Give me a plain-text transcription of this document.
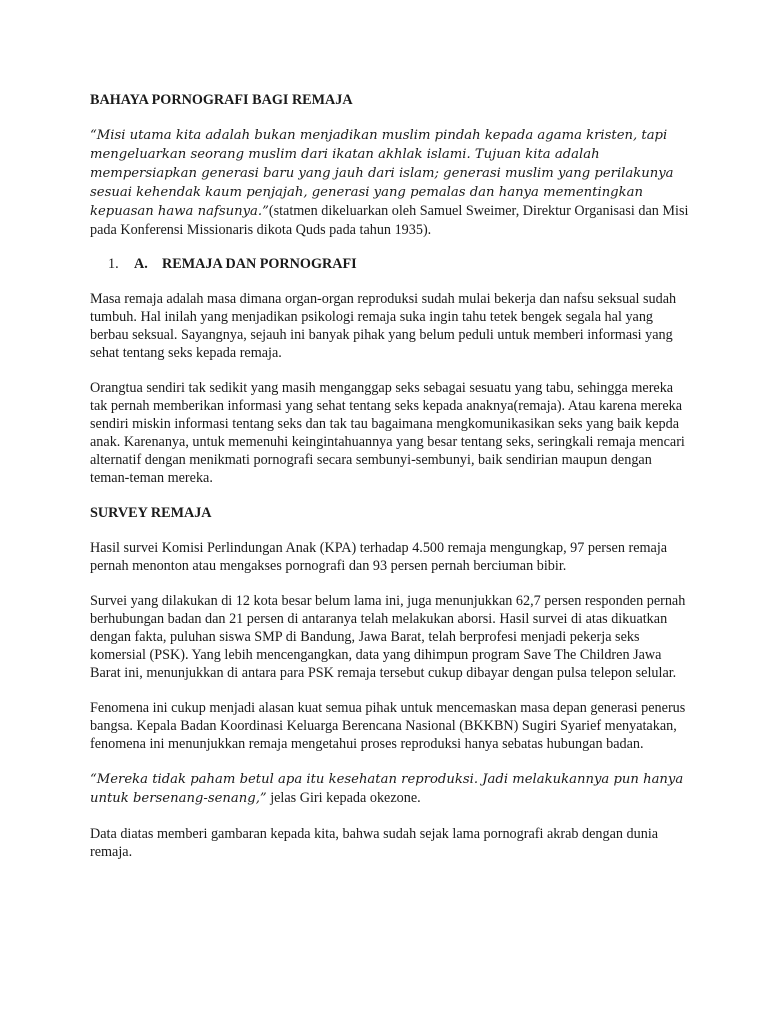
BAHAYA PORNOGRAFI BAGI REMAJA

“Misi utama kita adalah bukan menjadikan muslim pindah kepada agama kristen, tapi mengeluarkan seorang muslim dari ikatan akhlak islami. Tujuan kita adalah mempersiapkan generasi baru yang jauh dari islam; generasi muslim yang perilakunya sesuai kehendak kaum penjajah, generasi yang pemalas dan hanya mementingkan kepuasan hawa nafsunya.”(statmen dikeluarkan oleh Samuel Sweimer, Direktur Organisasi dan Misi pada Konferensi Missionaris dikota Quds pada tahun 1935).

1.	A.	REMAJA DAN PORNOGRAFI

Masa remaja adalah masa dimana organ-organ reproduksi sudah mulai bekerja dan nafsu seksual sudah tumbuh. Hal inilah yang menjadikan psikologi remaja suka ingin tahu tetek bengek segala hal yang berbau seksual. Sayangnya, sejauh ini banyak pihak yang belum peduli untuk memberi informasi yang sehat tentang seks kepada remaja.

Orangtua sendiri tak sedikit yang masih menganggap seks sebagai sesuatu yang tabu, sehingga mereka tak pernah memberikan informasi yang sehat tentang seks kepada anaknya(remaja). Atau karena mereka sendiri miskin informasi tentang seks dan tak tau bagaimana mengkomunikasikan seks yang baik kepda anak. Karenanya, untuk memenuhi keingintahuannya yang besar tentang seks, seringkali remaja mencari alternatif dengan menikmati pornografi secara sembunyi-sembunyi, baik sendirian maupun dengan teman-teman mereka.

SURVEY REMAJA

Hasil survei Komisi Perlindungan Anak (KPA) terhadap 4.500 remaja mengungkap, 97 persen remaja pernah menonton atau mengakses pornografi dan 93 persen pernah berciuman bibir.

Survei yang dilakukan di 12 kota besar belum lama ini, juga menunjukkan 62,7 persen responden pernah berhubungan badan dan 21 persen di antaranya telah melakukan aborsi. Hasil survei di atas dikuatkan dengan fakta, puluhan siswa SMP di Bandung, Jawa Barat, telah berprofesi menjadi pekerja seks komersial (PSK). Yang lebih mencengangkan, data yang dihimpun program Save The Children Jawa Barat ini, menunjukkan di antara para PSK remaja tersebut cukup dibayar dengan pulsa telepon selular.

Fenomena ini cukup menjadi alasan kuat semua pihak untuk mencemaskan masa depan generasi penerus bangsa. Kepala Badan Koordinasi Keluarga Berencana Nasional (BKKBN) Sugiri Syarief menyatakan, fenomena ini menunjukkan remaja mengetahui proses reproduksi hanya sebatas hubungan badan.

“Mereka tidak paham betul apa itu kesehatan reproduksi. Jadi melakukannya pun hanya untuk bersenang-senang,” jelas Giri kepada okezone.

Data diatas memberi gambaran kepada kita, bahwa sudah sejak lama pornografi akrab dengan dunia remaja.
